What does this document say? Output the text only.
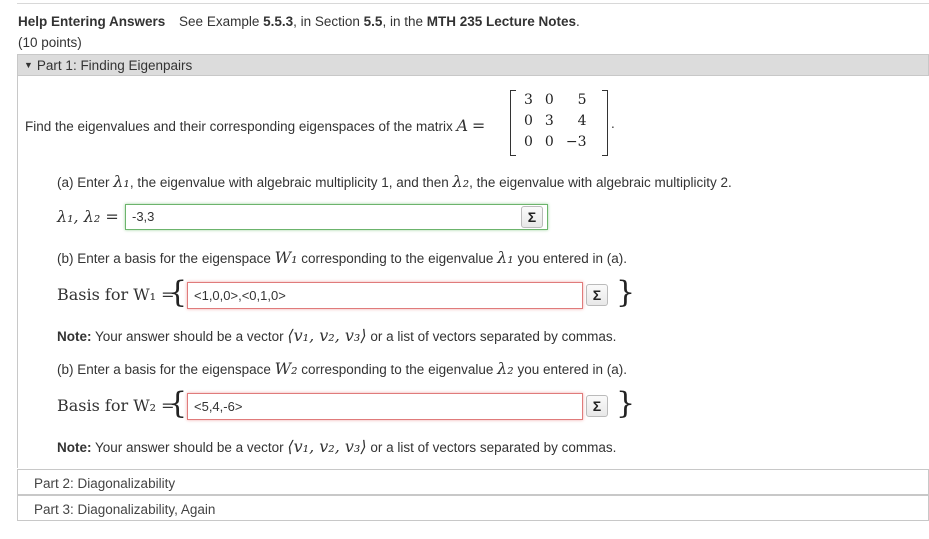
Help Entering Answers See Example 5.5.3, in Section 5.5, in the MTH 235 Lecture Notes.
(10 points)
▼ Part 1: Finding Eigenpairs
Find the eigenvalues and their corresponding eigenspaces of the matrix A =
3	0	5
0	3	4
0	0	−3
.
(a) Enter λ₁, the eigenvalue with algebraic multiplicity 1, and then λ₂, the eigenvalue with algebraic multiplicity 2.
λ₁, λ₂ =	-3,3	Σ
(b) Enter a basis for the eigenspace W₁ corresponding to the eigenvalue λ₁ you entered in (a).
Basis for W₁ =
{ <1,0,0>,<0,1,0>	Σ }
Note: Your answer should be a vector ⟨v₁, v₂, v₃⟩ or a list of vectors separated by commas.
(b) Enter a basis for the eigenspace W₂ corresponding to the eigenvalue λ₂ you entered in (a).
Basis for W₂ =
{ <5,4,-6>	Σ }
Note: Your answer should be a vector ⟨v₁, v₂, v₃⟩ or a list of vectors separated by commas.
Part 2: Diagonalizability
Part 3: Diagonalizability, Again
